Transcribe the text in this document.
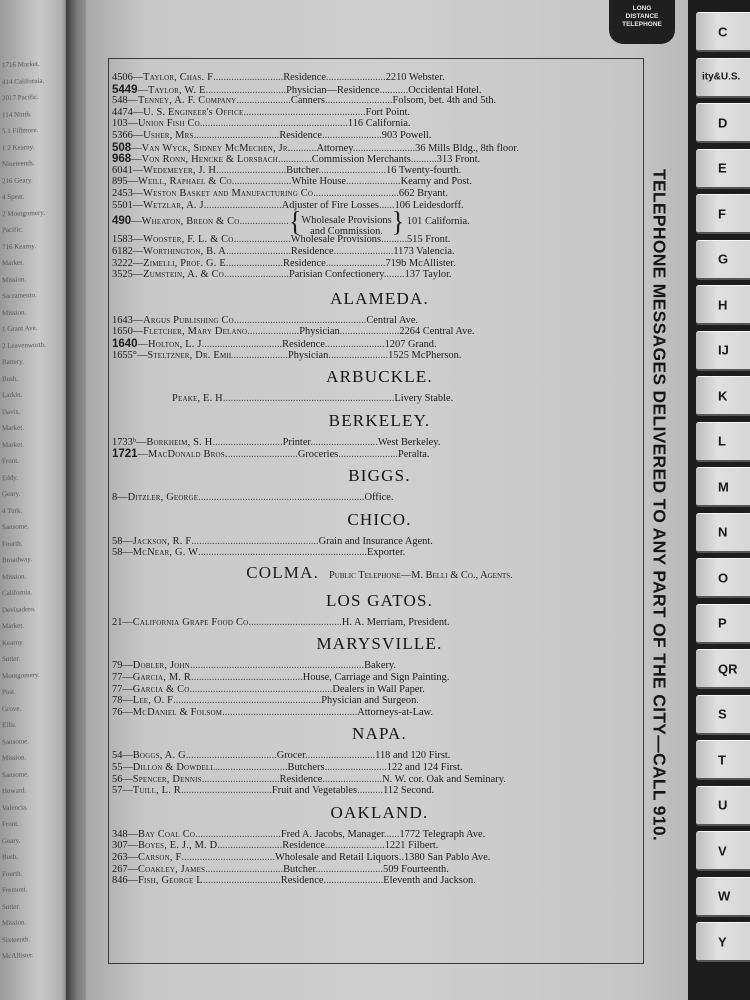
1716 Market.
414 California.
2017 Pacific.
114 Ninth.
5 1 Fillmore.
1 2 Kearny.
Nineteenth.
216 Geary.
4 Spear.
2 Montgomery.
Pacific.
716 Kearny.
Market.
Mission.
Sacramento.
Mission.
1 Grant Ave.
2 Leavenworth.
Battery.
Bush.
Larkin.
Davis.
Market.
Market.
Front.
Eddy.
Geary.
4 Turk.
Sansome.
Fourth.
Broadway.
Mission.
California.
Devisadero.
Market.
Kearny.
Sutter.
Montgomery.
Post.
Grove.
Ellis.
Sansome.
Mission.
Sansome.
Howard.
Valencia.
Front.
Geary.
Bush.
Fourth.
Fremont.
Sutter.
Mission.
Sixteenth.
McAllister.
LONG
DISTANCE
TELEPHONE
TELEPHONE MESSAGES DELIVERED TO ANY PART OF THE CITY—CALL 910.
C
ity&U.S.
D
E
F
G
H
IJ
K
L
M
N
O
P
QR
S
T
U
V
W
Y
4506—Taylor, Chas. F...........................Residence.......................2210 Webster.
5449—Taylor, W. E...............................Physician—Residence...........Occidental Hotel.
548—Tenney, A. F. Company.....................Canners..........................Folsom, bet. 4th and 5th.
4474—U. S. Engineer's Office...............................................Fort Point.
103—Union Fish Co.........................................................116 California.
5366—Usher, Mrs.................................Residence.......................903 Powell.
508—Van Wyck, Sidney McMechen, Jr...........Attorney........................36 Mills Bldg., 8th floor.
968—Von Ronn, Hencke & Lorsbach.............Commission Merchants..........313 Front.
6041—Wedemeyer, J. H...........................Butcher..........................16 Twenty-fourth.
895—Weill, Raphael & Co.......................White House.....................Kearny and Post.
2453—Weston Basket and Manufacturing Co.................................662 Bryant.
5501—Wetzlar, A. J..............................Adjuster of Fire Losses......106 Leidesdorff.
490—Wheaton, Breon & Co...................{ Wholesale Provisions
and Commission. } 101 California.
1583—Wooster, F. L. & Co......................Wholesale Provisions..........515 Front.
6182—Worthington, B. A.........................Residence.......................1173 Valencia.
3222—Zimelli, Prof. G. E......................Residence.......................719b McAllister.
3525—Zumstein, A. & Co.........................Parisian Confectionery........137 Taylor.
ALAMEDA.
1643—Argus Publishing Co...................................................Central Ave.
1650—Fletcher, Mary Delano....................Physician.......................2264 Central Ave.
1640—Holton, L. J...............................Residence.......................1207 Grand.
1655°—Steltzner, Dr. Emil.....................Physician.......................1525 McPherson.
ARBUCKLE.
Peake, E. H..................................................................Livery Stable.
BERKELEY.
1733ᵇ—Borkheim, S. H...........................Printer..........................West Berkeley.
1721—MacDonald Bros............................Groceries.......................Peralta.
BIGGS.
8—Ditzler, George................................................................Office.
CHICO.
58—Jackson, R. F.................................................Grain and Insurance Agent.
58—McNear, G. W.................................................................Exporter.
COLMA. Public Telephone—M. Belli & Co., Agents.
LOS GATOS.
21—California Grape Food Co....................................H. A. Merriam, President.
MARYSVILLE.
79—Dobler, John...................................................................Bakery.
77—Garcia, M. R...........................................House, Carriage and Sign Painting.
77—Garcia & Co.......................................................Dealers in Wall Paper.
78—Lee, O. F.........................................................Physician and Surgeon.
76—McDaniel & Folsom....................................................Attorneys-at-Law.
NAPA.
54—Boggs, A. G...................................Grocer...........................118 and 120 First.
55—Dillon & Dowdell............................Butchers........................122 and 124 First.
56—Spencer, Dennis..............................Residence.......................N. W. cor. Oak and Seminary.
57—Tuill, L. R...................................Fruit and Vegetables..........112 Second.
OAKLAND.
348—Bay Coal Co.................................Fred A. Jacobs, Manager......1772 Telegraph Ave.
307—Boyes, E. J., M. D.........................Residence.......................1221 Filbert.
263—Carson, F....................................Wholesale and Retail Liquors..1380 San Pablo Ave.
267—Coakley, James..............................Butcher..........................509 Fourteenth.
846—Fish, George L..............................Residence.......................Eleventh and Jackson.
